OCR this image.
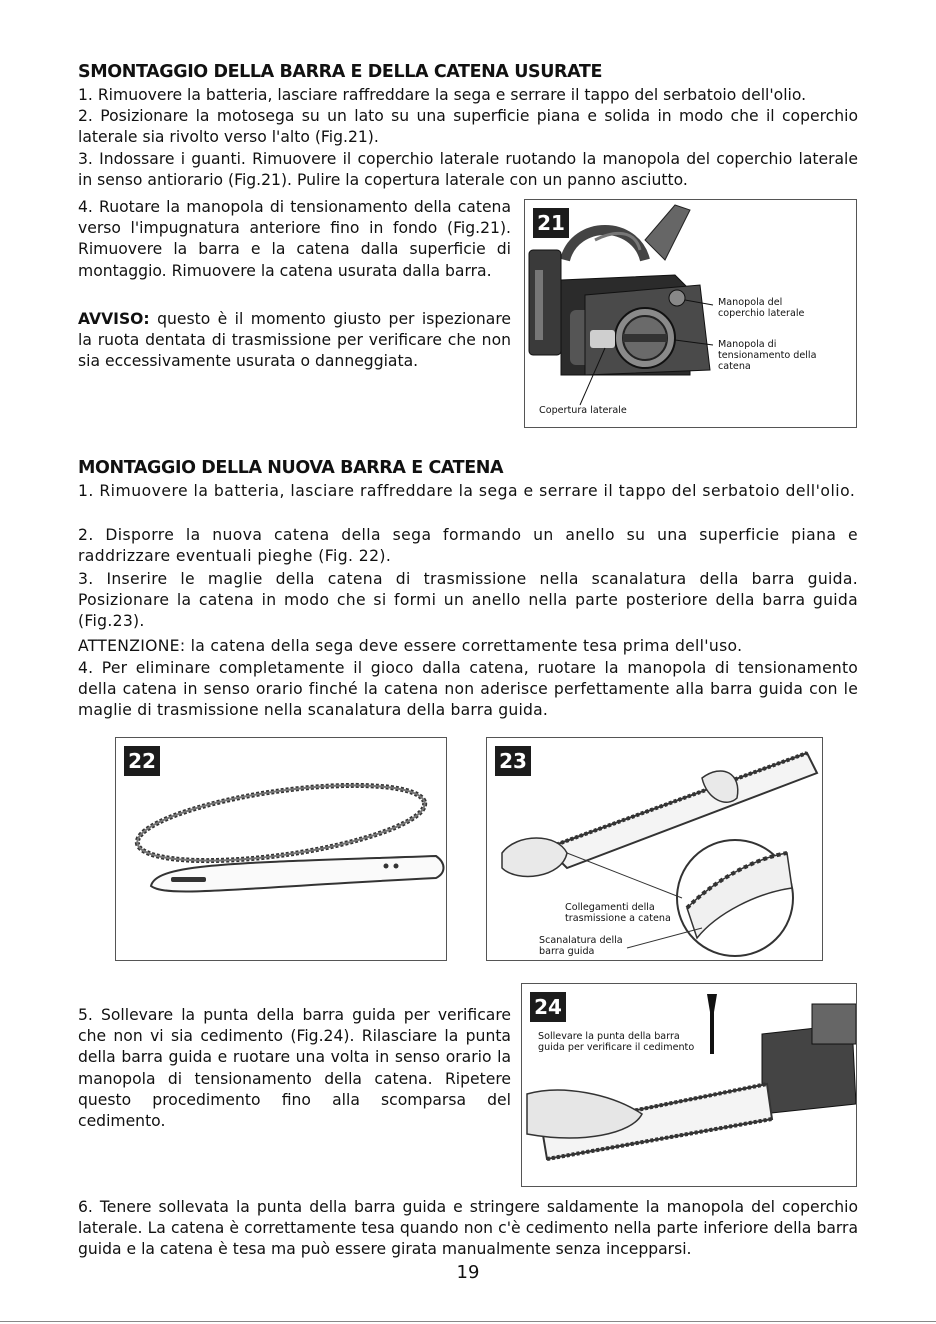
SMONTAGGIO DELLA BARRA E DELLA CATENA USURATE

1. Rimuovere la batteria, lasciare raffreddare la sega e serrare il tappo del serbatoio dell'olio.

2. Posizionare la motosega su un lato su una superficie piana e solida in modo che il coperchio laterale sia rivolto verso l'alto (Fig.21).

3. Indossare i guanti. Rimuovere il coperchio laterale ruotando la manopola del coperchio laterale in senso antiorario (Fig.21). Pulire la copertura laterale con un panno asciutto.

4. Ruotare la manopola di tensionamento della catena verso l'impugnatura anteriore fino in fondo (Fig.21). Rimuovere la barra e la catena dalla superficie di montaggio. Rimuovere la catena usurata dalla barra.

AVVISO: questo è il momento giusto per ispezionare la ruota dentata di trasmissione per verificare che non sia eccessivamente usurata o danneggiata.

21
Manopola del coperchio laterale
Manopola di tensionamento della catena
Copertura laterale
MONTAGGIO DELLA NUOVA BARRA E CATENA

1. Rimuovere la batteria, lasciare raffreddare la sega e serrare il tappo del serbatoio dell'olio.

2. Disporre la nuova catena della sega formando un anello su una superficie piana e raddrizzare eventuali pieghe (Fig. 22).

3. Inserire le maglie della catena di trasmissione nella scanalatura della barra guida. Posizionare la catena in modo che si formi un anello nella parte posteriore della barra guida (Fig.23).

ATTENZIONE: la catena della sega deve essere correttamente tesa prima dell'uso.

4. Per eliminare completamente il gioco dalla catena, ruotare la manopola di tensionamento della catena in senso orario finché la catena non aderisce perfettamente alla barra guida con le maglie di trasmissione nella scanalatura della barra guida.

22	23
Collegamenti della trasmissione a catena
Scanalatura della barra guida

5. Sollevare la punta della barra guida per verificare che non vi sia cedimento (Fig.24). Rilasciare la punta della barra guida e ruotare una volta in senso orario la manopola di tensionamento della catena. Ripetere questo procedimento fino alla scomparsa del cedimento.

24
Sollevare la punta della barra guida per verificare il cedimento

6. Tenere sollevata la punta della barra guida e stringere saldamente la manopola del coperchio laterale. La catena è correttamente tesa quando non c'è cedimento nella parte inferiore della barra guida e la catena è tesa ma può essere girata manualmente senza incepparsi.

19
